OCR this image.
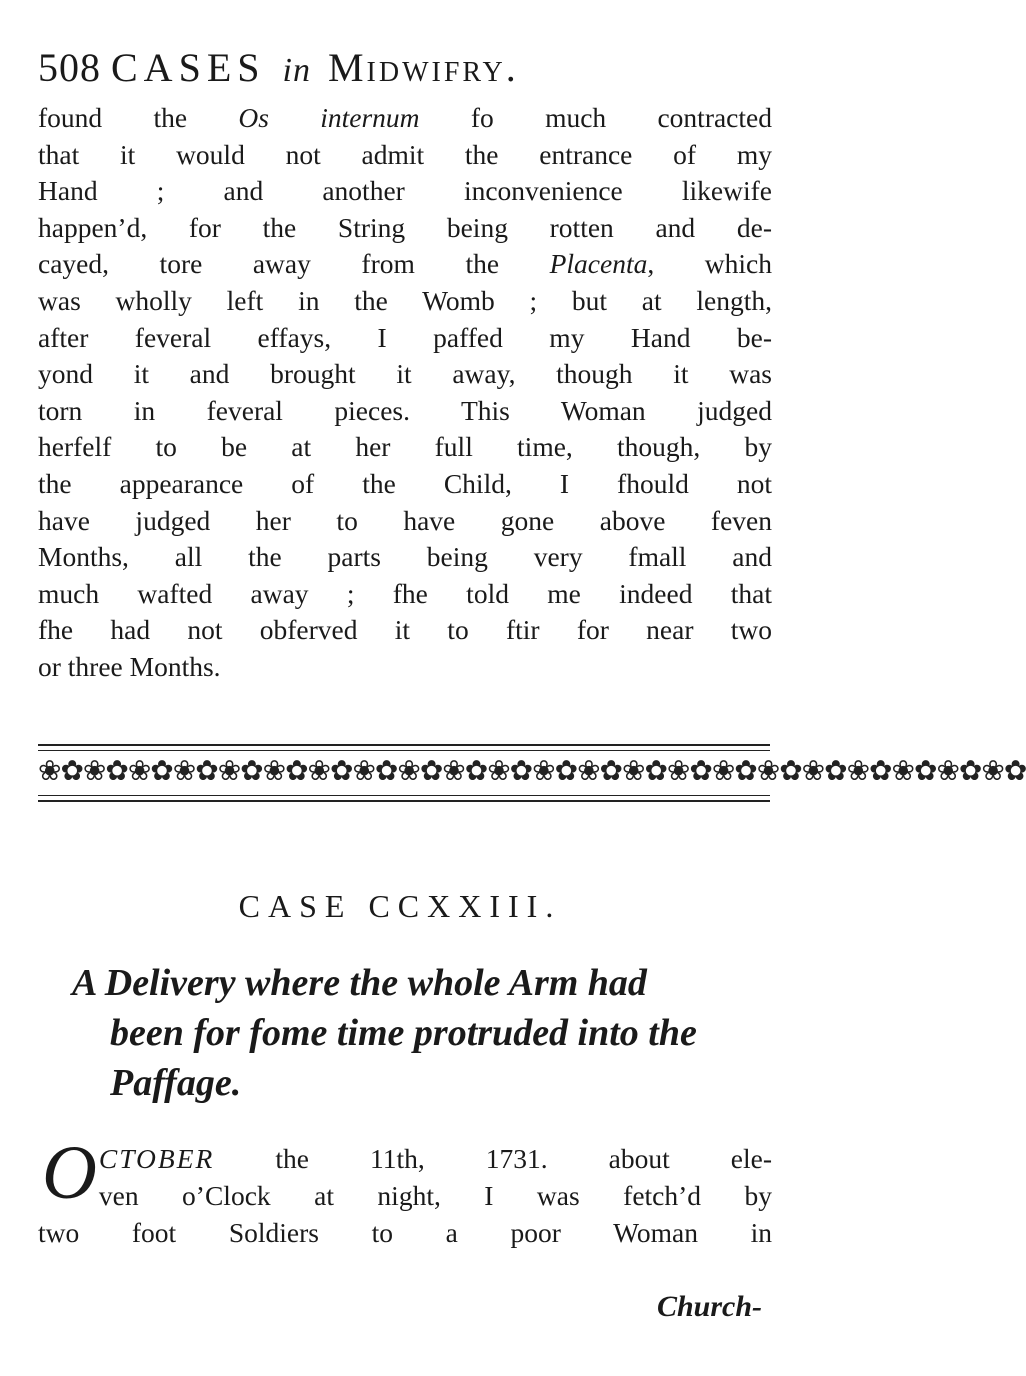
508 CASES in Midwifry.
found the Os internum fo much contracted
that it would not admit the entrance of my
Hand ; and another inconvenience likewife
happen’d, for the String being rotten and de-
cayed, tore away from the Placenta, which
was wholly left in the Womb ; but at length,
after feveral effays, I paffed my Hand be-
yond it and brought it away, though it was
torn in feveral pieces. This Woman judged
herfelf to be at her full time, though, by
the appearance of the Child, I fhould not
have judged her to have gone above feven
Months, all the parts being very fmall and
much wafted away ; fhe told me indeed that
fhe had not obferved it to ftir for near two
or three Months.
❀✿❀✿❀✿❀✿❀✿❀✿❀✿❀✿❀✿❀✿❀✿❀✿❀✿❀✿❀✿❀✿❀✿❀✿❀✿❀✿❀✿❀✿
CASE CCXXIII.
A Delivery where the whole Arm had
been for fome time protruded into the
Paffage.
O CTOBER the 11th, 1731. about ele-
ven o’Clock at night, I was fetch’d by
two foot Soldiers to a poor Woman in
Church-
